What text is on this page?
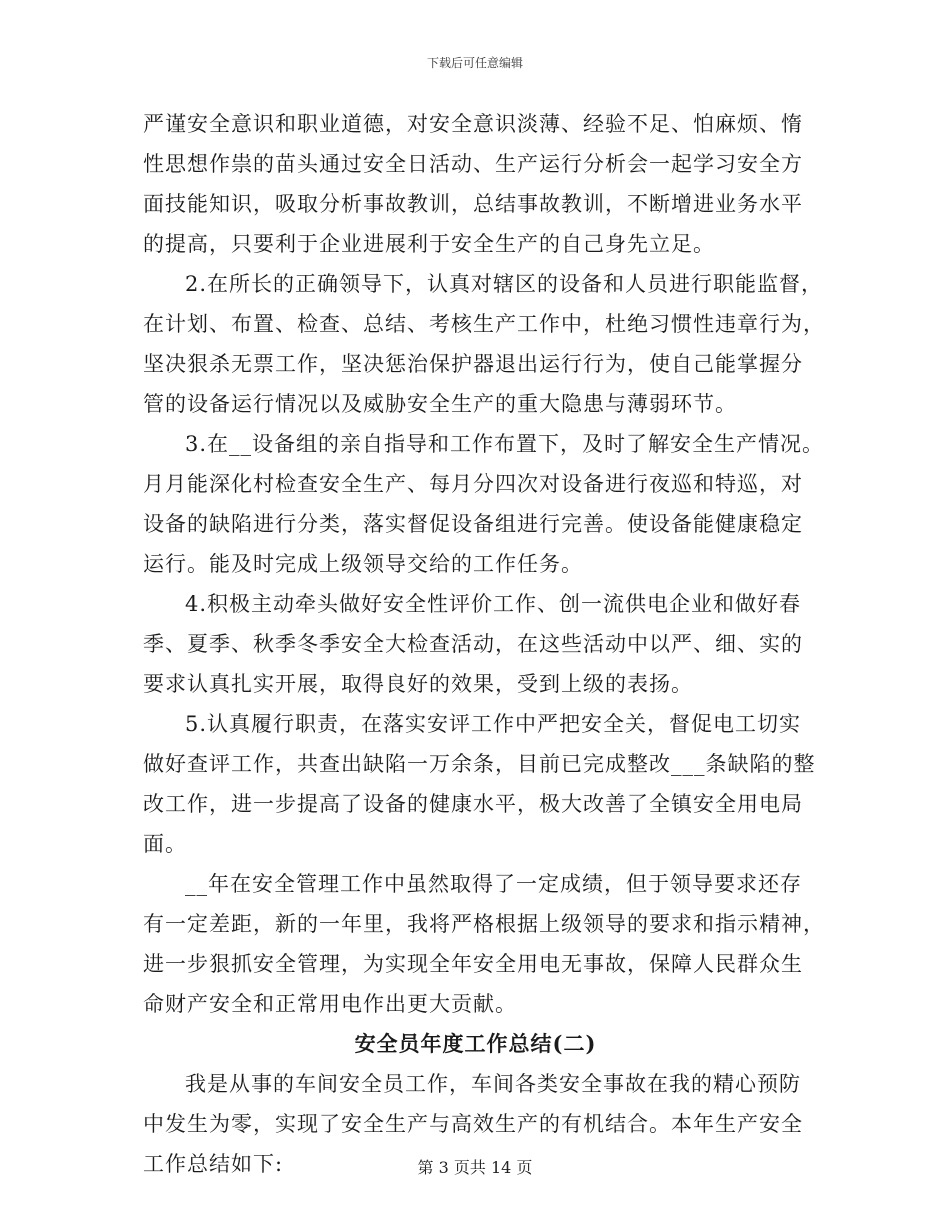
下载后可任意编辑
严谨安全意识和职业道德，对安全意识淡薄、经验不足、怕麻烦、惰
性思想作祟的苗头通过安全日活动、生产运行分析会一起学习安全方
面技能知识，吸取分析事故教训，总结事故教训，不断增进业务水平
的提高，只要利于企业进展利于安全生产的自己身先立足。
2.在所长的正确领导下，认真对辖区的设备和人员进行职能监督，
在计划、布置、检查、总结、考核生产工作中，杜绝习惯性违章行为，
坚决狠杀无票工作，坚决惩治保护器退出运行行为，使自己能掌握分
管的设备运行情况以及威胁安全生产的重大隐患与薄弱环节。
3.在__设备组的亲自指导和工作布置下，及时了解安全生产情况。
月月能深化村检查安全生产、每月分四次对设备进行夜巡和特巡，对
设备的缺陷进行分类，落实督促设备组进行完善。使设备能健康稳定
运行。能及时完成上级领导交给的工作任务。
4.积极主动牵头做好安全性评价工作、创一流供电企业和做好春
季、夏季、秋季冬季安全大检查活动，在这些活动中以严、细、实的
要求认真扎实开展，取得良好的效果，受到上级的表扬。
5.认真履行职责，在落实安评工作中严把安全关，督促电工切实
做好查评工作，共查出缺陷一万余条，目前已完成整改___条缺陷的整
改工作，进一步提高了设备的健康水平，极大改善了全镇安全用电局
面。
__年在安全管理工作中虽然取得了一定成绩，但于领导要求还存
有一定差距，新的一年里，我将严格根据上级领导的要求和指示精神，
进一步狠抓安全管理，为实现全年安全用电无事故，保障人民群众生
命财产安全和正常用电作出更大贡献。
安全员年度工作总结(二)
我是从事的车间安全员工作，车间各类安全事故在我的精心预防
中发生为零，实现了安全生产与高效生产的有机结合。本年生产安全
工作总结如下:	第 3 页共 14 页
